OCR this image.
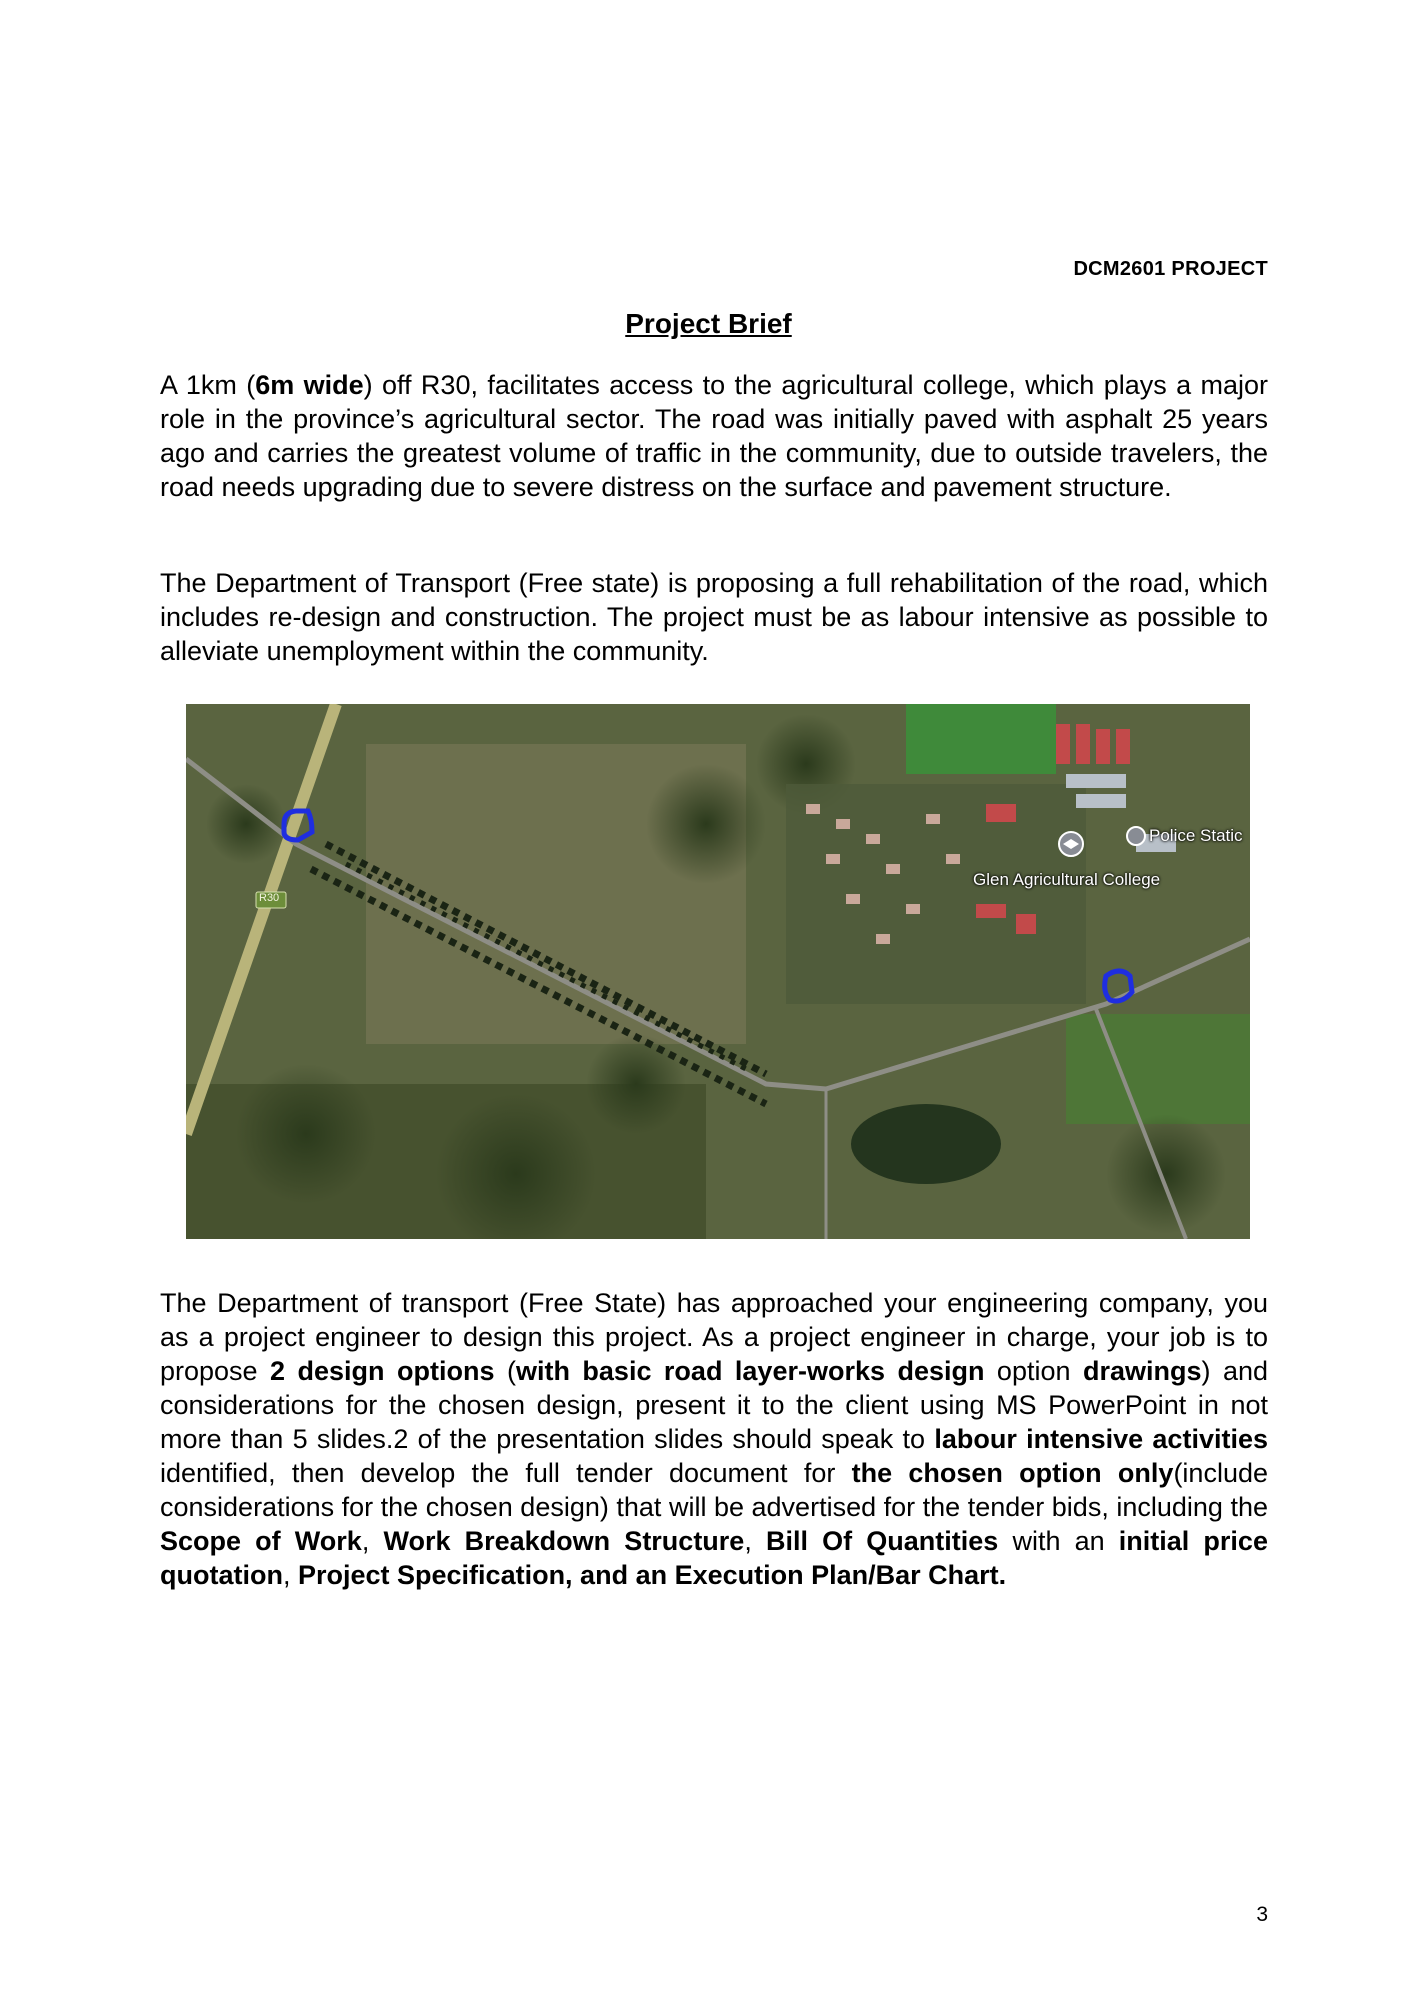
DCM2601 PROJECT
Project Brief

A 1km (6m wide) off R30, facilitates access to the agricultural college, which plays a major role in the province’s agricultural sector. The road was initially paved with asphalt 25 years ago and carries the greatest volume of traffic in the community, due to outside travelers, the road needs upgrading due to severe distress on the surface and pavement structure.

The Department of Transport (Free state) is proposing a full rehabilitation of the road, which includes re-design and construction. The project must be as labour intensive as possible to alleviate unemployment within the community.

R30
Glen Agricultural College
Police Static

The Department of transport (Free State) has approached your engineering company, you as a project engineer to design this project. As a project engineer in charge, your job is to propose 2 design options (with basic road layer-works design option drawings) and considerations for the chosen design, present it to the client using MS PowerPoint in not more than 5 slides.2 of the presentation slides should speak to labour intensive activities identified, then develop the full tender document for the chosen option only(include considerations for the chosen design) that will be advertised for the tender bids, including the Scope of Work, Work Breakdown Structure, Bill Of Quantities with an initial price quotation, Project Specification, and an Execution Plan/Bar Chart.

3
